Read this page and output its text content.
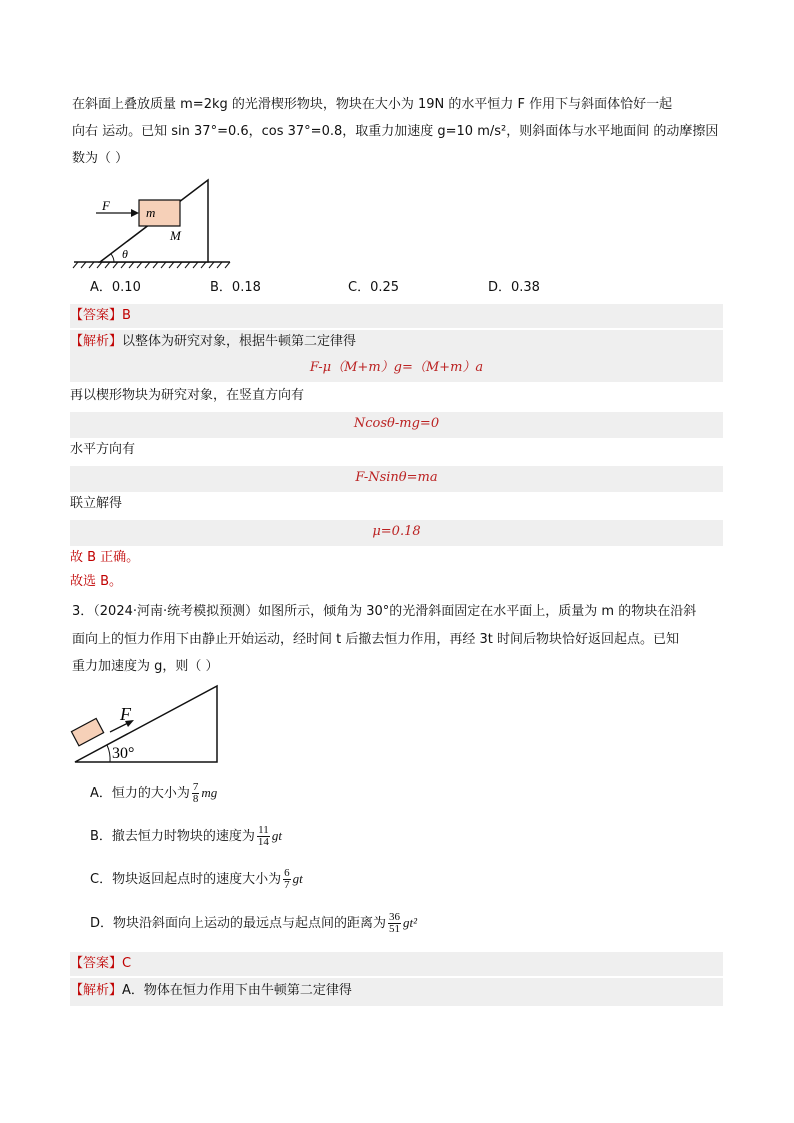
在斜面上叠放质量 m=2kg 的光滑楔形物块，物块在大小为 19N 的水平恒力 F 作用下与斜面体恰好一起
向右 运动。已知 sin 37°=0.6，cos 37°=0.8，取重力加速度 g=10 m/s²，则斜面体与水平地面间 的动摩擦因
数为（ ）
F	m
M
θ
A．0.10	B．0.18	C．0.25	D．0.38
【答案】B
【解析】以整体为研究对象，根据牛顿第二定律得
F-μ（M+m）g=（M+m）a
再以楔形物块为研究对象，在竖直方向有
Ncosθ-mg=0
水平方向有
F-Nsinθ=ma
联立解得
μ=0.18
故 B 正确。
故选 B。
3．（2024·河南·统考模拟预测）如图所示，倾角为 30°的光滑斜面固定在水平面上，质量为 m 的物块在沿斜
面向上的恒力作用下由静止开始运动，经时间 t 后撤去恒力作用，再经 3t 时间后物块恰好返回起点。已知
重力加速度为 g，则（ ）
F
30°
A．恒力的大小为 $\frac{7}{8}$ mg
B．撤去恒力时物块的速度为 $\frac{11}{14}$ gt
C．物块返回起点时的速度大小为 $\frac{6}{7}$ gt
D．物块沿斜面向上运动的最远点与起点间的距离为 $\frac{36}{51} gt^2$
【答案】C
【解析】A．物体在恒力作用下由牛顿第二定律得
